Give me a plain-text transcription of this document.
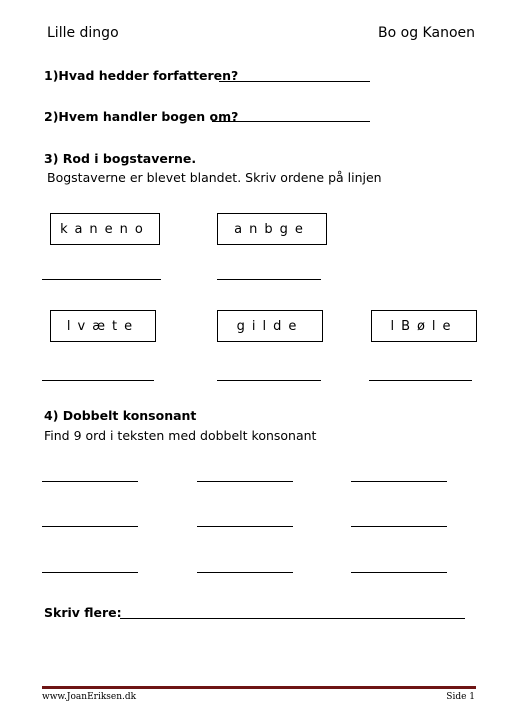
Lille dingo	Bo og Kanoen
1)Hvad hedder forfatteren?
2)Hvem handler bogen om?
3) Rod i bogstaverne.
Bogstaverne er blevet blandet. Skriv ordene på linjen
kaneno	anbge
lvæte	gilde	lBøle
4) Dobbelt konsonant
Find 9 ord i teksten med dobbelt konsonant
Skriv flere:
www.JoanEriksen.dk	Side 1
